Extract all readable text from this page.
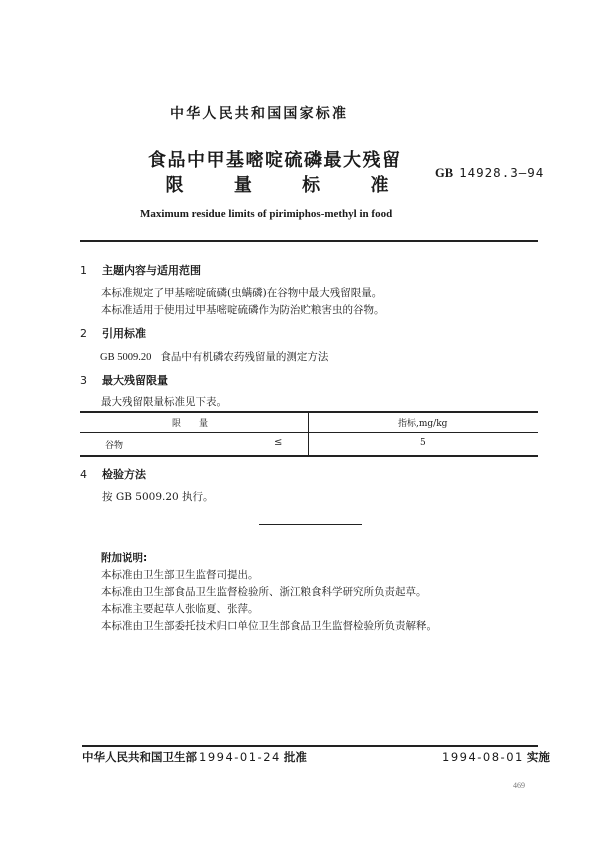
中华人民共和国国家标准
食品中甲基嘧啶硫磷最大残留
限	量	标	准
GB 14928.3—94
Maximum residue limits of pirimiphos-methyl in food
1 主题内容与适用范围
本标准规定了甲基嘧啶硫磷(虫螨磷)在谷物中最大残留限量。
本标准适用于使用过甲基嘧啶硫磷作为防治贮粮害虫的谷物。
2 引用标准
GB 5009.20 食品中有机磷农药残留量的测定方法
3 最大残留限量
最大残留限量标准见下表。
限　　量	指标,mg/kg
谷物	≤	5
4 检验方法
按 GB 5009.20 执行。
附加说明:
本标准由卫生部卫生监督司提出。
本标准由卫生部食品卫生监督检验所、浙江粮食科学研究所负责起草。
本标准主要起草人张临夏、张萍。
本标准由卫生部委托技术归口单位卫生部食品卫生监督检验所负责解释。
中华人民共和国卫生部 1994-01-24 批准	1994-08-01 实施
469
